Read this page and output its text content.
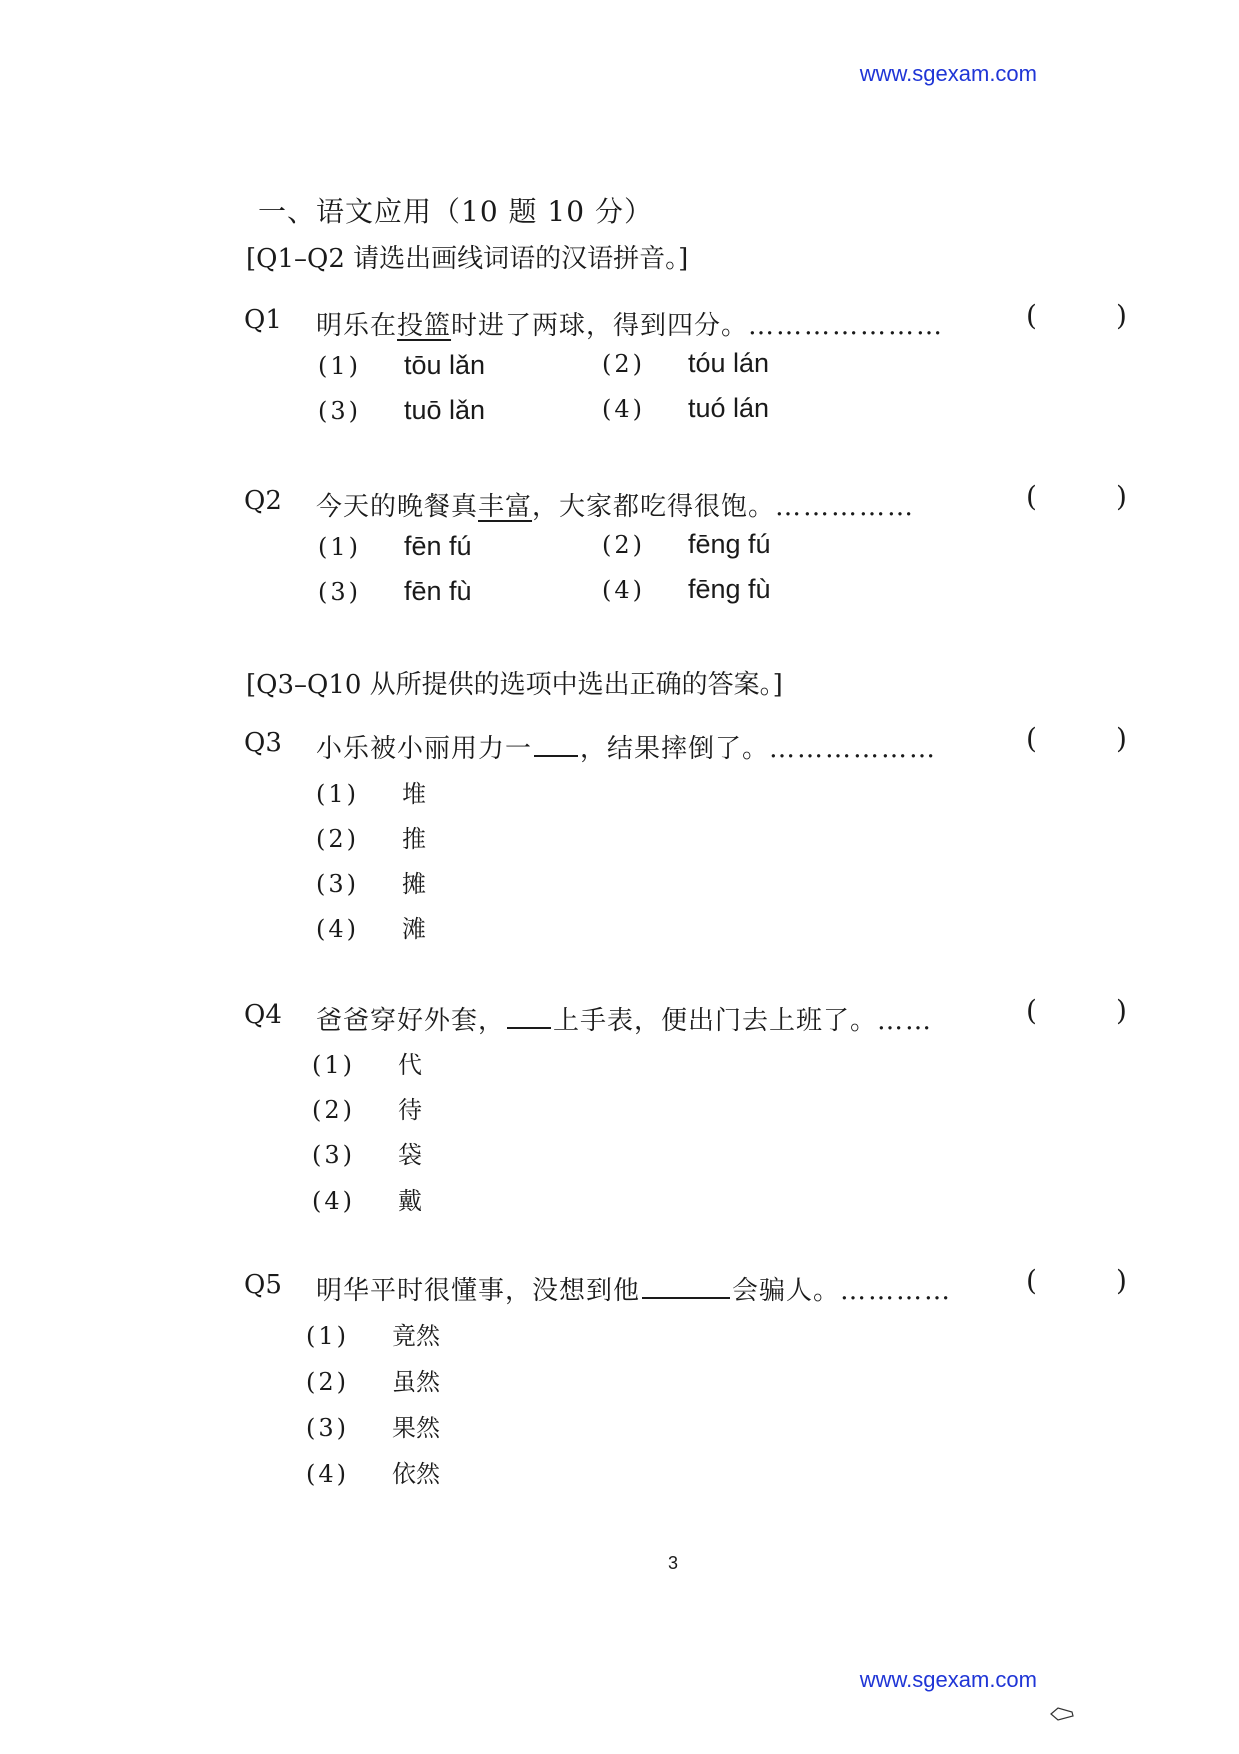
www.sgexam.com
一、语文应用（10 题 10 分）
[Q1–Q2 请选出画线词语的汉语拼音。]
Q1 明乐在投篮时进了两球，得到四分。…………………	(	)
(1) tōu lǎn	(2) tóu lán
(3) tuō lǎn	(4) tuó lán
Q2 今天的晚餐真丰富，大家都吃得很饱。……………	(	)
(1) fēn fú	(2) fēng fú
(3) fēn fù	(4) fēng fù
[Q3–Q10 从所提供的选项中选出正确的答案。]
Q3 小乐被小丽用力一 ，结果摔倒了。………………	(	)
(1) 堆
(2) 推
(3) 摊
(4) 滩
Q4 爸爸穿好外套， 上手表，便出门去上班了。……	(	)
(1) 代
(2) 待
(3) 袋
(4) 戴
Q5 明华平时很懂事，没想到他	会骗人。…………	(	)
(1) 竟然
(2) 虽然
(3) 果然
(4) 依然
3
www.sgexam.com
